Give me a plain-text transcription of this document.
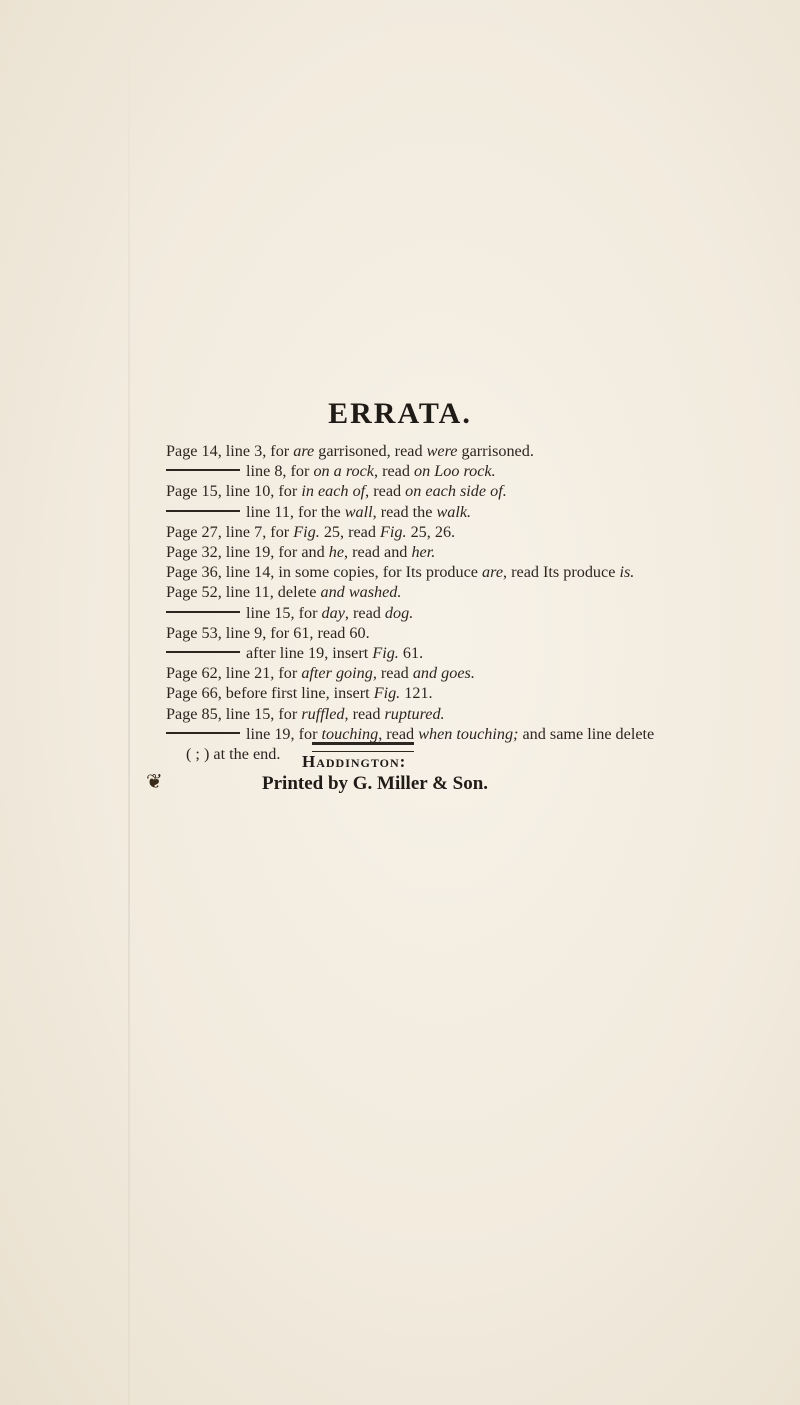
ERRATA.
Page 14, line 3, for are garrisoned, read were garrisoned.
line 8, for on a rock, read on Loo rock.
Page 15, line 10, for in each of, read on each side of.
line 11, for the wall, read the walk.
Page 27, line 7, for Fig. 25, read Fig. 25, 26.
Page 32, line 19, for and he, read and her.
Page 36, line 14, in some copies, for Its produce are, read Its produce is.
Page 52, line 11, delete and washed.
line 15, for day, read dog.
Page 53, line 9, for 61, read 60.
after line 19, insert Fig. 61.
Page 62, line 21, for after going, read and goes.
Page 66, before first line, insert Fig. 121.
Page 85, line 15, for ruffled, read ruptured.
line 19, for touching, read when touching; and same line delete
( ; ) at the end.
❦
Haddington:
Printed by G. Miller & Son.
